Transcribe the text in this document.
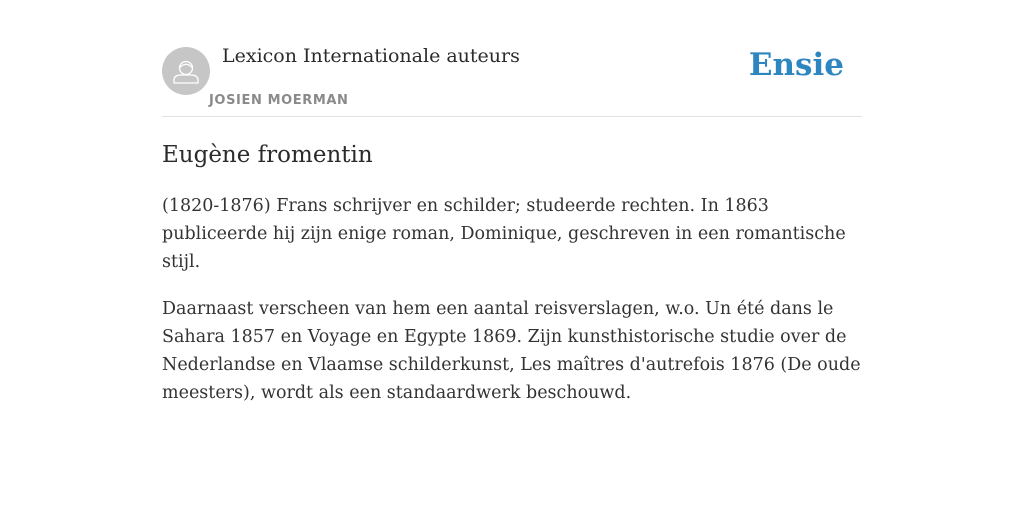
Lexicon Internationale auteurs
JOSIEN MOERMAN
Ensie
Eugène fromentin

(1820-1876) Frans schrijver en schilder; studeerde rechten. In 1863 publiceerde hij zijn enige roman, Dominique, geschreven in een romantische stijl.

Daarnaast verscheen van hem een aantal reisverslagen, w.o. Un été dans le Sahara 1857 en Voyage en Egypte 1869. Zijn kunsthistorische studie over de Nederlandse en Vlaamse schilderkunst, Les maîtres d'autrefois 1876 (De oude meesters), wordt als een standaardwerk beschouwd.
